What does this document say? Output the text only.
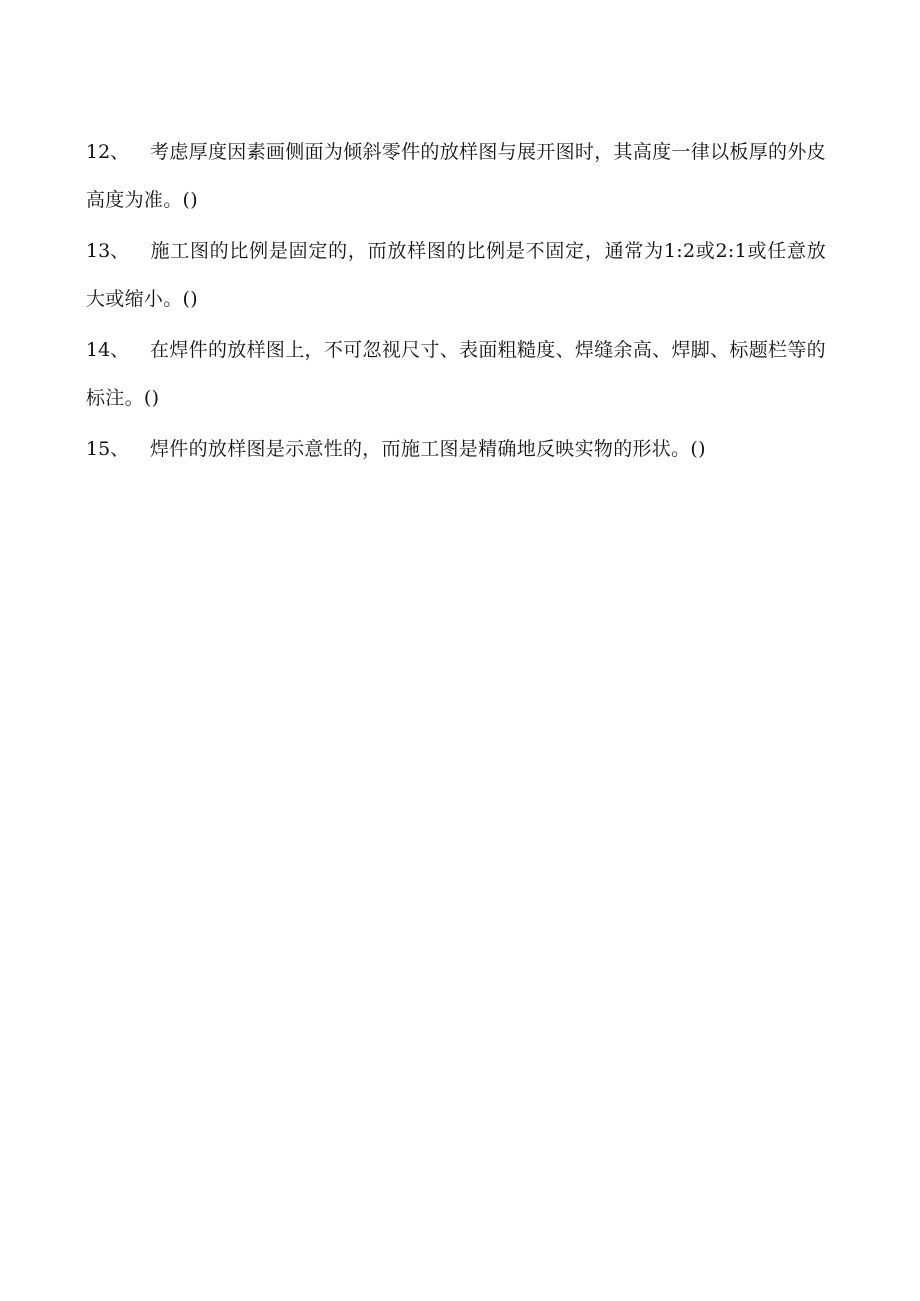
12、 考虑厚度因素画侧面为倾斜零件的放样图与展开图时，其高度一律以板厚的外皮高度为准。()

13、 施工图的比例是固定的，而放样图的比例是不固定，通常为1:2或2:1或任意放大或缩小。()

14、 在焊件的放样图上，不可忽视尺寸、表面粗糙度、焊缝余高、焊脚、标题栏等的标注。()

15、 焊件的放样图是示意性的，而施工图是精确地反映实物的形状。()
